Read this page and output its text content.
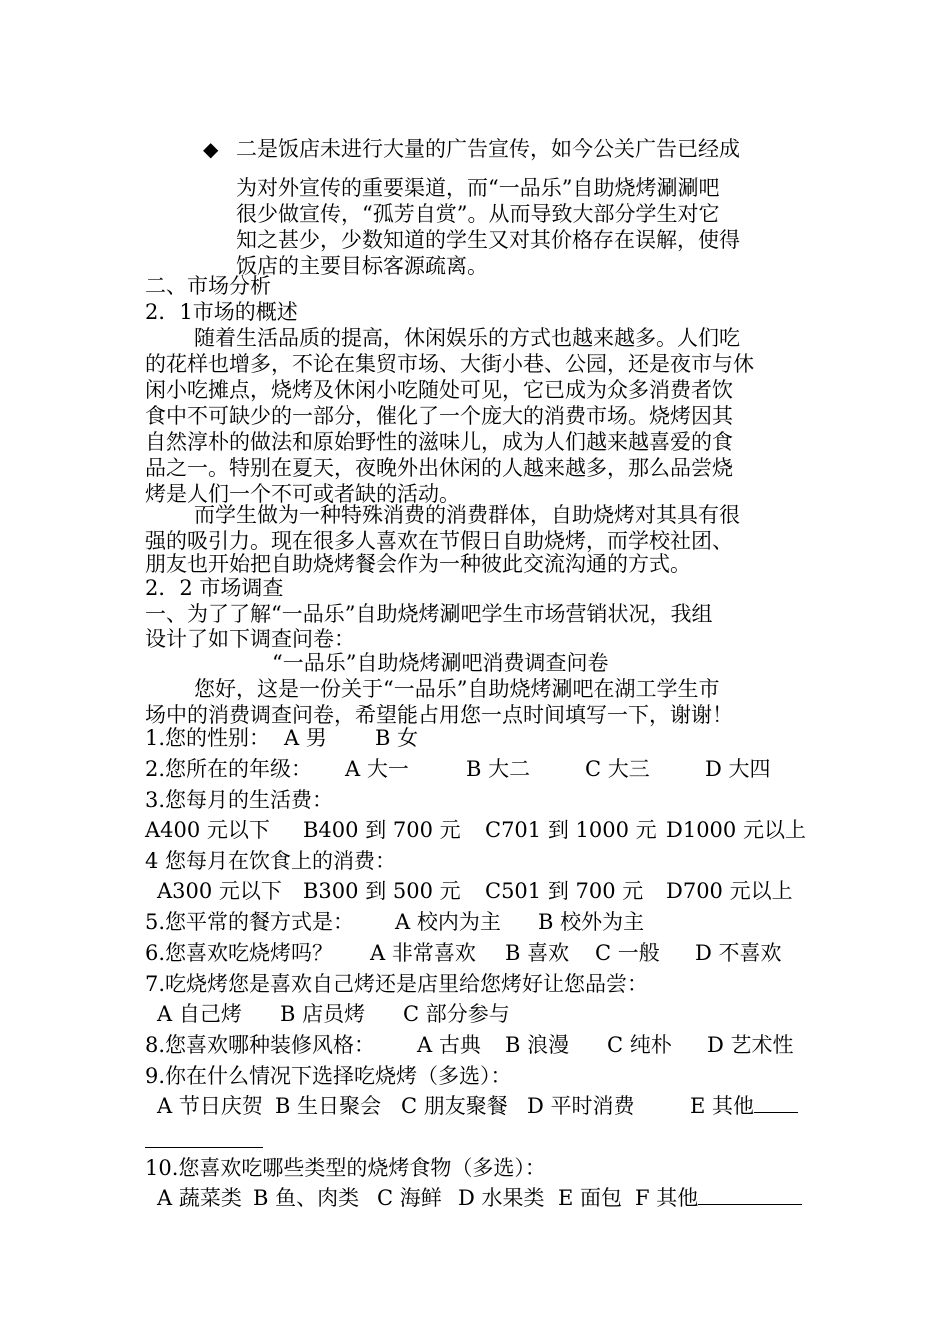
◆ 二是饭店未进行大量的广告宣传，如今公关广告已经成
为对外宣传的重要渠道，而“一品乐”自助烧烤涮涮吧
很少做宣传，“孤芳自赏”。从而导致大部分学生对它
知之甚少，少数知道的学生又对其价格存在误解，使得
饭店的主要目标客源疏离。
二、市场分析
2．1市场的概述
随着生活品质的提高，休闲娱乐的方式也越来越多。人们吃
的花样也增多，不论在集贸市场、大街小巷、公园，还是夜市与休
闲小吃摊点，烧烤及休闲小吃随处可见，它已成为众多消费者饮
食中不可缺少的一部分，催化了一个庞大的消费市场。烧烤因其
自然淳朴的做法和原始野性的滋味儿，成为人们越来越喜爱的食
品之一。特别在夏天，夜晚外出休闲的人越来越多，那么品尝烧
烤是人们一个不可或者缺的活动。
而学生做为一种特殊消费的消费群体，自助烧烤对其具有很
强的吸引力。现在很多人喜欢在节假日自助烧烤，而学校社团、
朋友也开始把自助烧烤餐会作为一种彼此交流沟通的方式。
2．2 市场调查
一、为了了解“一品乐”自助烧烤涮吧学生市场营销状况，我组
设计了如下调查问卷：
“一品乐”自助烧烤涮吧消费调查问卷
您好，这是一份关于“一品乐”自助烧烤涮吧在湖工学生市
场中的消费调查问卷，希望能占用您一点时间填写一下，谢谢！
1.您的性别： A 男 B 女
2.您所在的年级： A 大一	B 大二	C 大三	D 大四
3.您每月的生活费：
A400 元以下 B400 到 700 元 C701 到 1000 元 D1000 元以上
4 您每月在饮食上的消费：
A300 元以下 B300 到 500 元 C501 到 700 元 D700 元以上
5.您平常的餐方式是： A 校内为主 B 校外为主
6.您喜欢吃烧烤吗？ A 非常喜欢 B 喜欢 C 一般 D 不喜欢
7.吃烧烤您是喜欢自己烤还是店里给您烤好让您品尝：
A 自己烤 B 店员烤 C 部分参与
8.您喜欢哪种装修风格： A 古典 B 浪漫 C 纯朴 D 艺术性
9.你在什么情况下选择吃烧烤（多选）：
A 节日庆贺 B 生日聚会 C 朋友聚餐 D 平时消费	E 其他
10.您喜欢吃哪些类型的烧烤食物（多选）：
A 蔬菜类 B 鱼、肉类 C 海鲜 D 水果类 E 面包 F 其他
